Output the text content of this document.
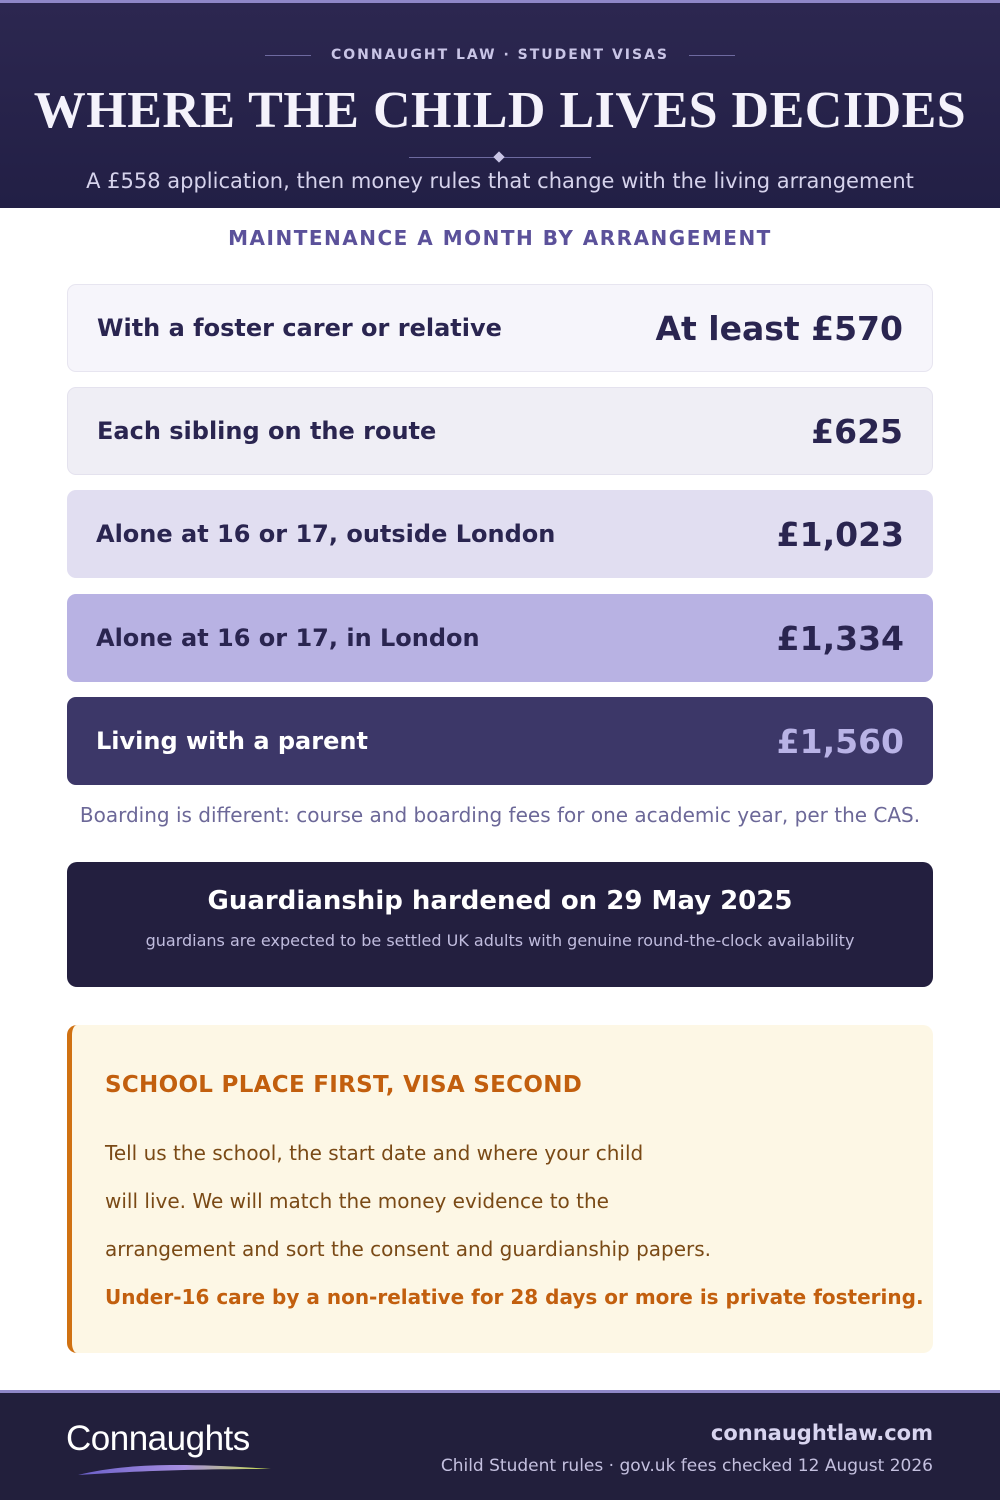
CONNAUGHT LAW · STUDENT VISAS
WHERE THE CHILD LIVES DECIDES
A £558 application, then money rules that change with the living arrangement
MAINTENANCE A MONTH BY ARRANGEMENT
With a foster carer or relative	At least £570
Each sibling on the route	£625
Alone at 16 or 17, outside London	£1,023
Alone at 16 or 17, in London	£1,334
Living with a parent	£1,560
Boarding is different: course and boarding fees for one academic year, per the CAS.
Guardianship hardened on 29 May 2025
guardians are expected to be settled UK adults with genuine round-the-clock availability
SCHOOL PLACE FIRST, VISA SECOND
Tell us the school, the start date and where your child
will live. We will match the money evidence to the
arrangement and sort the consent and guardianship papers.
Under-16 care by a non-relative for 28 days or more is private fostering.
Connaughts	connaughtlaw.com
Child Student rules · gov.uk fees checked 12 August 2026
